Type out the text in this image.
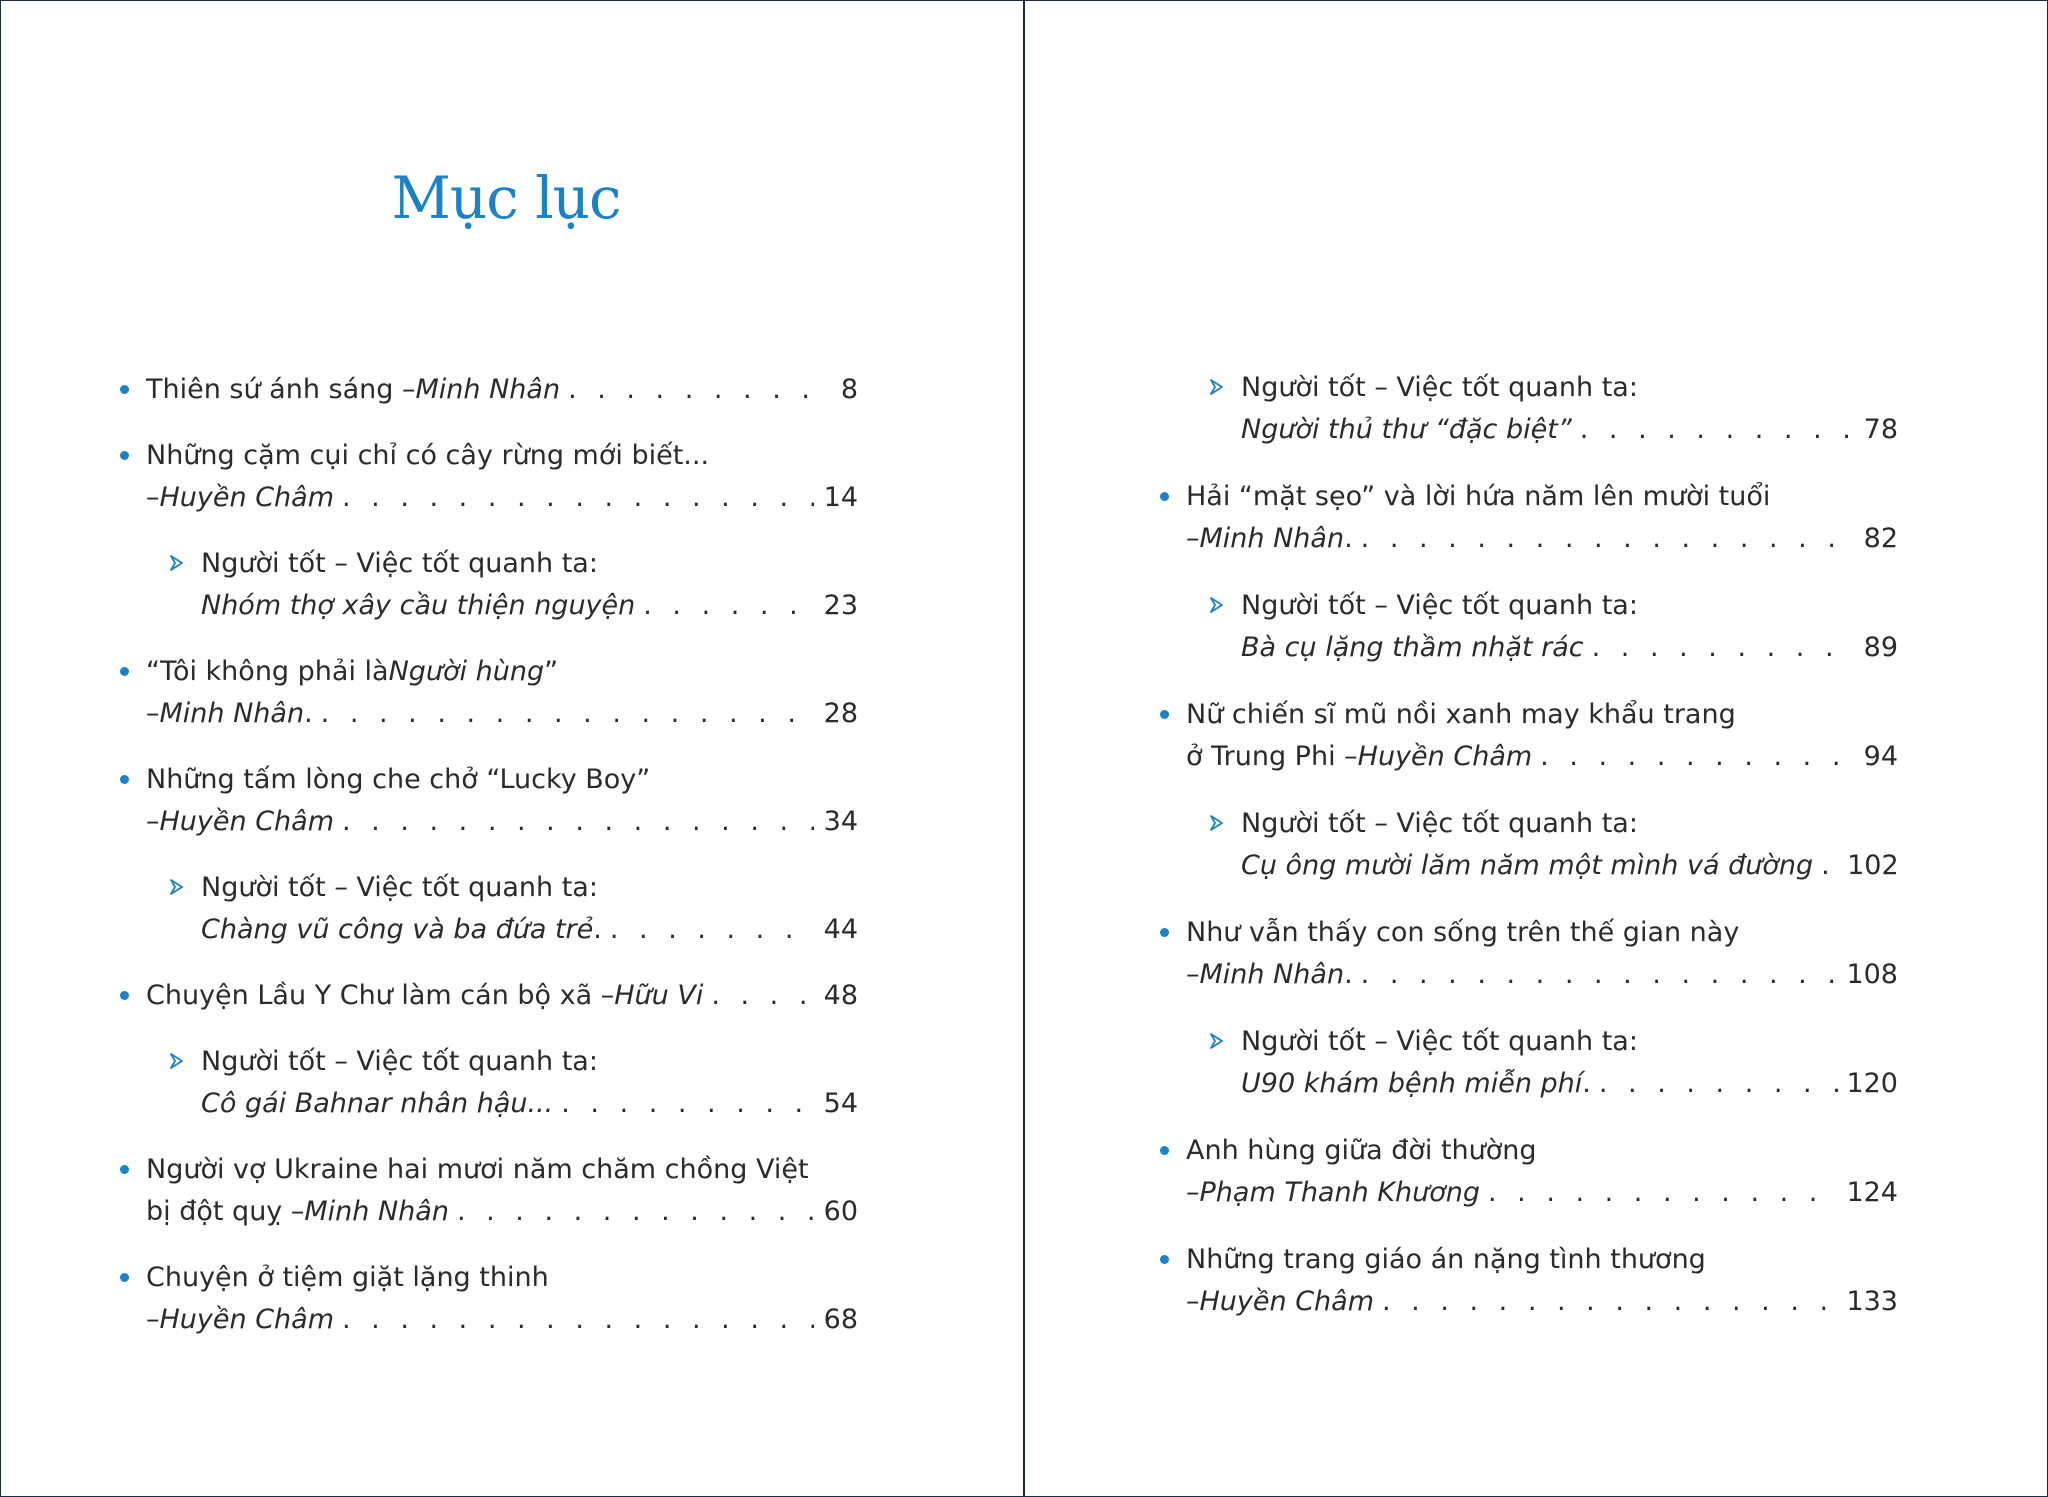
Mục lục
Thiên sứ ánh sáng – Minh Nhân . . .	8
Những cặm cụi chỉ có cây rừng mới biết...
– Huyền Châm . . .	14
Người tốt – Việc tốt quanh ta:
Nhóm thợ xây cầu thiện nguyện . . .	23
“Tôi không phải là Người hùng ”
– Minh Nhân . . . .	28
Những tấm lòng che chở “Lucky Boy”
– Huyền Châm . . .	34
Người tốt – Việc tốt quanh ta:
Chàng vũ công và ba đứa trẻ . . . .	44
Chuyện Lầu Y Chư làm cán bộ xã – Hữu Vi . . .	48
Người tốt – Việc tốt quanh ta:
Cô gái Bahnar nhân hậu... . . .	54
Người vợ Ukraine hai mươi năm chăm chồng Việt
bị đột quỵ – Minh Nhân . . .	60
Chuyện ở tiệm giặt lặng thinh
– Huyền Châm . . .	68
Người tốt – Việc tốt quanh ta:
Người thủ thư “đặc biệt” . . .	78
Hải “mặt sẹo” và lời hứa năm lên mười tuổi
– Minh Nhân . . . .	82
Người tốt – Việc tốt quanh ta:
Bà cụ lặng thầm nhặt rác . . .	89
Nữ chiến sĩ mũ nồi xanh may khẩu trang
ở Trung Phi – Huyền Châm . . .	94
Người tốt – Việc tốt quanh ta:
Cụ ông mười lăm năm một mình vá đường . . . 102
Như vẫn thấy con sống trên thế gian này
– Minh Nhân . . . .	108
Người tốt – Việc tốt quanh ta:
U90 khám bệnh miễn phí . . . .	120
Anh hùng giữa đời thường
– Phạm Thanh Khương . . .	124
Những trang giáo án nặng tình thương
– Huyền Châm . . .	133
